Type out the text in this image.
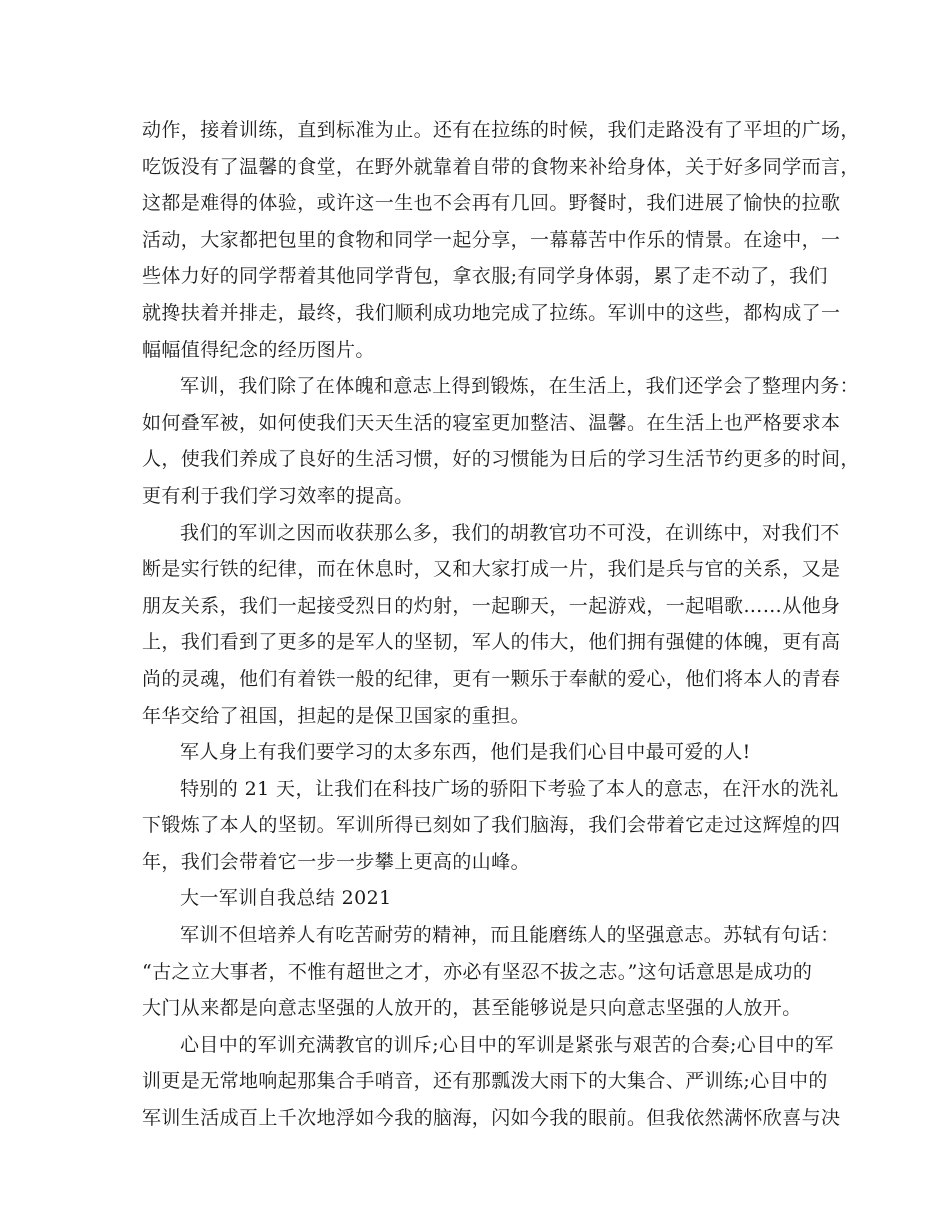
动作，接着训练，直到标准为止。还有在拉练的时候，我们走路没有了平坦的广场，
吃饭没有了温馨的食堂，在野外就靠着自带的食物来补给身体，关于好多同学而言，
这都是难得的体验，或许这一生也不会再有几回。野餐时，我们进展了愉快的拉歌
活动，大家都把包里的食物和同学一起分享，一幕幕苦中作乐的情景。在途中，一
些体力好的同学帮着其他同学背包，拿衣服;有同学身体弱，累了走不动了，我们
就搀扶着并排走，最终，我们顺利成功地完成了拉练。军训中的这些，都构成了一
幅幅值得纪念的经历图片。
军训，我们除了在体魄和意志上得到锻炼，在生活上，我们还学会了整理内务：
如何叠军被，如何使我们天天生活的寝室更加整洁、温馨。在生活上也严格要求本
人，使我们养成了良好的生活习惯，好的习惯能为日后的学习生活节约更多的时间，
更有利于我们学习效率的提高。
我们的军训之因而收获那么多，我们的胡教官功不可没，在训练中，对我们不
断是实行铁的纪律，而在休息时，又和大家打成一片，我们是兵与官的关系，又是
朋友关系，我们一起接受烈日的灼射，一起聊天，一起游戏，一起唱歌……从他身
上，我们看到了更多的是军人的坚韧，军人的伟大，他们拥有强健的体魄，更有高
尚的灵魂，他们有着铁一般的纪律，更有一颗乐于奉献的爱心，他们将本人的青春
年华交给了祖国，担起的是保卫国家的重担。
军人身上有我们要学习的太多东西，他们是我们心目中最可爱的人!
特别的 21 天，让我们在科技广场的骄阳下考验了本人的意志，在汗水的洗礼
下锻炼了本人的坚韧。军训所得已刻如了我们脑海，我们会带着它走过这辉煌的四
年，我们会带着它一步一步攀上更高的山峰。
大一军训自我总结 2021
军训不但培养人有吃苦耐劳的精神，而且能磨练人的坚强意志。苏轼有句话：
“古之立大事者，不惟有超世之才，亦必有坚忍不拔之志。”这句话意思是成功的
大门从来都是向意志坚强的人放开的，甚至能够说是只向意志坚强的人放开。
心目中的军训充满教官的训斥;心目中的军训是紧张与艰苦的合奏;心目中的军
训更是无常地响起那集合手哨音，还有那瓢泼大雨下的大集合、严训练;心目中的
军训生活成百上千次地浮如今我的脑海，闪如今我的眼前。但我依然满怀欣喜与决
